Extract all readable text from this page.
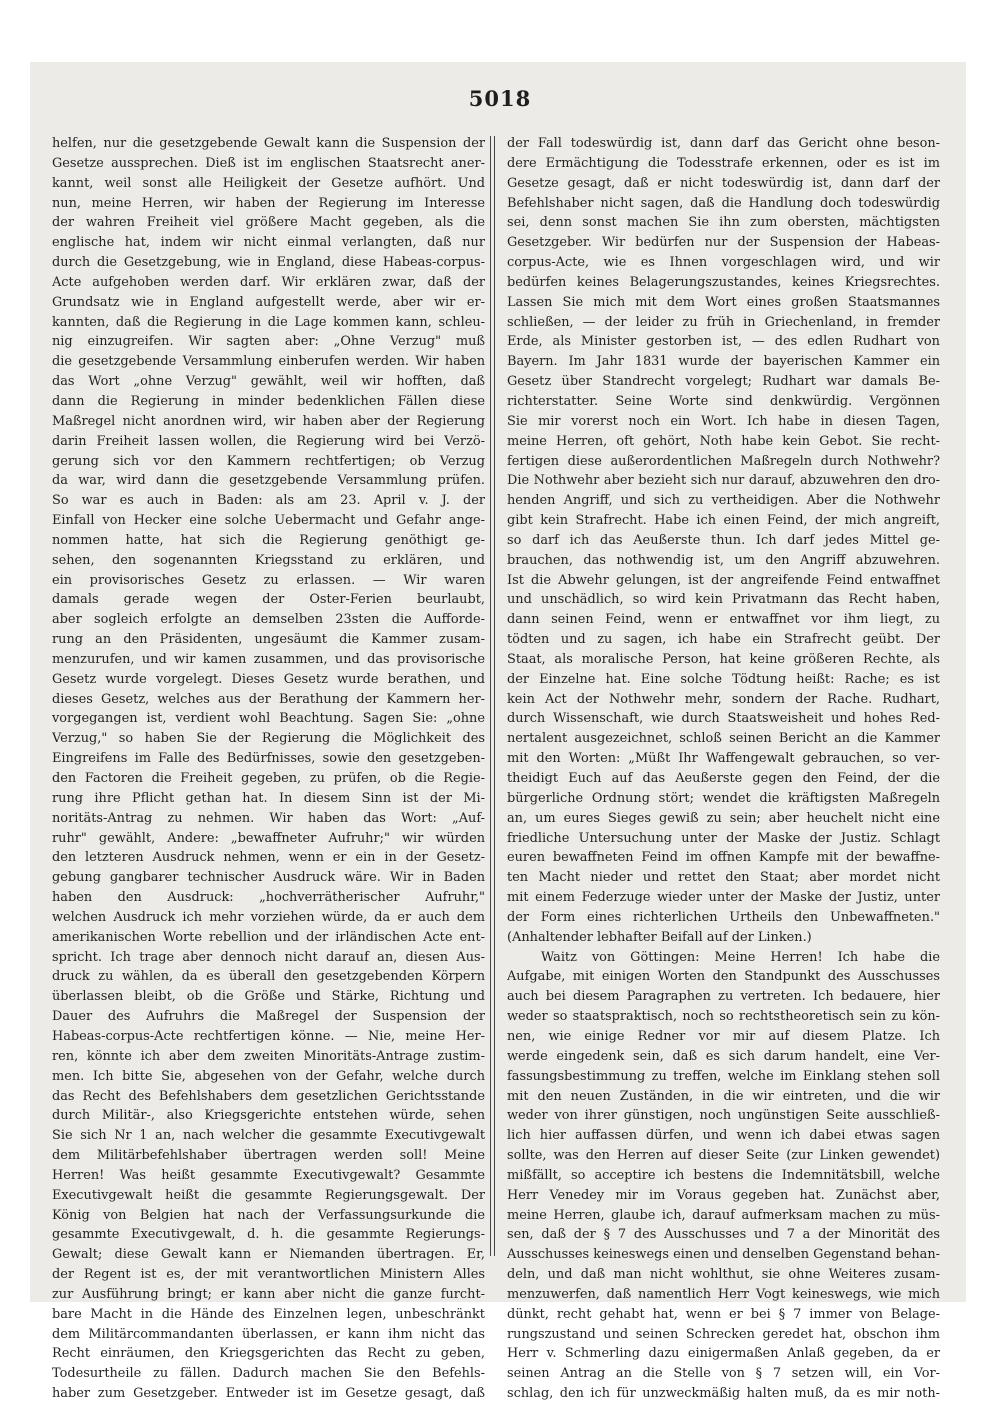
5018
helfen, nur die gesetzgebende Gewalt kann die Suspension der
Gesetze aussprechen. Dieß ist im englischen Staatsrecht aner-
kannt, weil sonst alle Heiligkeit der Gesetze aufhört. Und
nun, meine Herren, wir haben der Regierung im Interesse
der wahren Freiheit viel größere Macht gegeben, als die
englische hat, indem wir nicht einmal verlangten, daß nur
durch die Gesetzgebung, wie in England, diese Habeas-corpus-
Acte aufgehoben werden darf. Wir erklären zwar, daß der
Grundsatz wie in England aufgestellt werde, aber wir er-
kannten, daß die Regierung in die Lage kommen kann, schleu-
nig einzugreifen. Wir sagten aber: „Ohne Verzug" muß
die gesetzgebende Versammlung einberufen werden. Wir haben
das Wort „ohne Verzug" gewählt, weil wir hofften, daß
dann die Regierung in minder bedenklichen Fällen diese
Maßregel nicht anordnen wird, wir haben aber der Regierung
darin Freiheit lassen wollen, die Regierung wird bei Verzö-
gerung sich vor den Kammern rechtfertigen; ob Verzug
da war, wird dann die gesetzgebende Versammlung prüfen.
So war es auch in Baden: als am 23. April v. J. der
Einfall von Hecker eine solche Uebermacht und Gefahr ange-
nommen hatte, hat sich die Regierung genöthigt ge-
sehen, den sogenannten Kriegsstand zu erklären, und
ein provisorisches Gesetz zu erlassen. — Wir waren
damals gerade wegen der Oster-Ferien beurlaubt,
aber sogleich erfolgte an demselben 23sten die Aufforde-
rung an den Präsidenten, ungesäumt die Kammer zusam-
menzurufen, und wir kamen zusammen, und das provisorische
Gesetz wurde vorgelegt. Dieses Gesetz wurde berathen, und
dieses Gesetz, welches aus der Berathung der Kammern her-
vorgegangen ist, verdient wohl Beachtung. Sagen Sie: „ohne
Verzug," so haben Sie der Regierung die Möglichkeit des
Eingreifens im Falle des Bedürfnisses, sowie den gesetzgeben-
den Factoren die Freiheit gegeben, zu prüfen, ob die Regie-
rung ihre Pflicht gethan hat. In diesem Sinn ist der Mi-
noritäts-Antrag zu nehmen. Wir haben das Wort: „Auf-
ruhr" gewählt, Andere: „bewaffneter Aufruhr;" wir würden
den letzteren Ausdruck nehmen, wenn er ein in der Gesetz-
gebung gangbarer technischer Ausdruck wäre. Wir in Baden
haben den Ausdruck: „hochverrätherischer Aufruhr,"
welchen Ausdruck ich mehr vorziehen würde, da er auch dem
amerikanischen Worte rebellion und der irländischen Acte ent-
spricht. Ich trage aber dennoch nicht darauf an, diesen Aus-
druck zu wählen, da es überall den gesetzgebenden Körpern
überlassen bleibt, ob die Größe und Stärke, Richtung und
Dauer des Aufruhrs die Maßregel der Suspension der
Habeas-corpus-Acte rechtfertigen könne. — Nie, meine Her-
ren, könnte ich aber dem zweiten Minoritäts-Antrage zustim-
men. Ich bitte Sie, abgesehen von der Gefahr, welche durch
das Recht des Befehlshabers dem gesetzlichen Gerichtsstande
durch Militär-, also Kriegsgerichte entstehen würde, sehen
Sie sich Nr 1 an, nach welcher die gesammte Executivgewalt
dem Militärbefehlshaber übertragen werden soll! Meine
Herren! Was heißt gesammte Executivgewalt? Gesammte
Executivgewalt heißt die gesammte Regierungsgewalt. Der
König von Belgien hat nach der Verfassungsurkunde die
gesammte Executivgewalt, d. h. die gesammte Regierungs-
Gewalt; diese Gewalt kann er Niemanden übertragen. Er,
der Regent ist es, der mit verantwortlichen Ministern Alles
zur Ausführung bringt; er kann aber nicht die ganze furcht-
bare Macht in die Hände des Einzelnen legen, unbeschränkt
dem Militärcommandanten überlassen, er kann ihm nicht das
Recht einräumen, den Kriegsgerichten das Recht zu geben,
Todesurtheile zu fällen. Dadurch machen Sie den Befehls-
haber zum Gesetzgeber. Entweder ist im Gesetze gesagt, daß
der Fall todeswürdig ist, dann darf das Gericht ohne beson-
dere Ermächtigung die Todesstrafe erkennen, oder es ist im
Gesetze gesagt, daß er nicht todeswürdig ist, dann darf der
Befehlshaber nicht sagen, daß die Handlung doch todeswürdig
sei, denn sonst machen Sie ihn zum obersten, mächtigsten
Gesetzgeber. Wir bedürfen nur der Suspension der Habeas-
corpus-Acte, wie es Ihnen vorgeschlagen wird, und wir
bedürfen keines Belagerungszustandes, keines Kriegsrechtes.
Lassen Sie mich mit dem Wort eines großen Staatsmannes
schließen, — der leider zu früh in Griechenland, in fremder
Erde, als Minister gestorben ist, — des edlen Rudhart von
Bayern. Im Jahr 1831 wurde der bayerischen Kammer ein
Gesetz über Standrecht vorgelegt; Rudhart war damals Be-
richterstatter. Seine Worte sind denkwürdig. Vergönnen
Sie mir vorerst noch ein Wort. Ich habe in diesen Tagen,
meine Herren, oft gehört, Noth habe kein Gebot. Sie recht-
fertigen diese außerordentlichen Maßregeln durch Nothwehr?
Die Nothwehr aber bezieht sich nur darauf, abzuwehren den dro-
henden Angriff, und sich zu vertheidigen. Aber die Nothwehr
gibt kein Strafrecht. Habe ich einen Feind, der mich angreift,
so darf ich das Aeußerste thun. Ich darf jedes Mittel ge-
brauchen, das nothwendig ist, um den Angriff abzuwehren.
Ist die Abwehr gelungen, ist der angreifende Feind entwaffnet
und unschädlich, so wird kein Privatmann das Recht haben,
dann seinen Feind, wenn er entwaffnet vor ihm liegt, zu
tödten und zu sagen, ich habe ein Strafrecht geübt. Der
Staat, als moralische Person, hat keine größeren Rechte, als
der Einzelne hat. Eine solche Tödtung heißt: Rache; es ist
kein Act der Nothwehr mehr, sondern der Rache. Rudhart,
durch Wissenschaft, wie durch Staatsweisheit und hohes Red-
nertalent ausgezeichnet, schloß seinen Bericht an die Kammer
mit den Worten: „Müßt Ihr Waffengewalt gebrauchen, so ver-
theidigt Euch auf das Aeußerste gegen den Feind, der die
bürgerliche Ordnung stört; wendet die kräftigsten Maßregeln
an, um eures Sieges gewiß zu sein; aber heuchelt nicht eine
friedliche Untersuchung unter der Maske der Justiz. Schlagt
euren bewaffneten Feind im offnen Kampfe mit der bewaffne-
ten Macht nieder und rettet den Staat; aber mordet nicht
mit einem Federzuge wieder unter der Maske der Justiz, unter
der Form eines richterlichen Urtheils den Unbewaffneten."
(Anhaltender lebhafter Beifall auf der Linken.)
Waitz von Göttingen: Meine Herren! Ich habe die
Aufgabe, mit einigen Worten den Standpunkt des Ausschusses
auch bei diesem Paragraphen zu vertreten. Ich bedauere, hier
weder so staatspraktisch, noch so rechtstheoretisch sein zu kön-
nen, wie einige Redner vor mir auf diesem Platze. Ich
werde eingedenk sein, daß es sich darum handelt, eine Ver-
fassungsbestimmung zu treffen, welche im Einklang stehen soll
mit den neuen Zuständen, in die wir eintreten, und die wir
weder von ihrer günstigen, noch ungünstigen Seite ausschließ-
lich hier auffassen dürfen, und wenn ich dabei etwas sagen
sollte, was den Herren auf dieser Seite (zur Linken gewendet)
mißfällt, so acceptire ich bestens die Indemnitätsbill, welche
Herr Venedey mir im Voraus gegeben hat. Zunächst aber,
meine Herren, glaube ich, darauf aufmerksam machen zu müs-
sen, daß der § 7 des Ausschusses und 7 a der Minorität des
Ausschusses keineswegs einen und denselben Gegenstand behan-
deln, und daß man nicht wohlthut, sie ohne Weiteres zusam-
menzuwerfen, daß namentlich Herr Vogt keineswegs, wie mich
dünkt, recht gehabt hat, wenn er bei § 7 immer von Belage-
rungszustand und seinen Schrecken geredet hat, obschon ihm
Herr v. Schmerling dazu einigermaßen Anlaß gegeben, da er
seinen Antrag an die Stelle von § 7 setzen will, ein Vor-
schlag, den ich für unzweckmäßig halten muß, da es mir noth-
